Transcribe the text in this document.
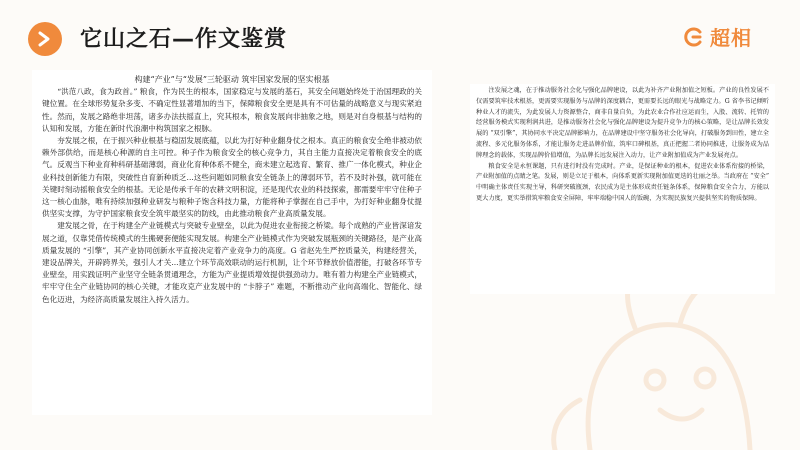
它山之石—作文鉴赏	超相
构建“产业”与“发展”三轮驱动 筑牢国家发展的坚实根基

“洪范八政，食为政首。” 粮食，作为民生的根本，国家稳定与发展的基石，其安全问题始终处于治国理政的关键位置。在全球形势复杂多变、不确定性显著增加的当下，保障粮食安全更是具有不可估量的战略意义与现实紧迫性。然而，发展之路绝非坦荡，诸多办法扶摇直上，究其根本，粮食发展向非抽象之地，则是对自身根基与结构的认知和发展，方能在新时代浪潮中构筑国家之根脉。

夯发展之根，在于振兴种业根基与稳固发展底蕴，以此为打好种业翻身仗之根本。真正的粮食安全绝非被动依赖外部供给，而是核心种源的自主可控。种子作为粮食安全的核心竞争力，其自主能力直接决定着粮食安全的底气。反观当下种业育种科研基础薄弱，商业化育种体系不健全，商未建立起选育、繁育、推广一体化模式，种业企业科技创新能力有限，突破性自育新种质乏...这些问题如同粮食安全链条上的薄弱环节，若不及时补强，就可能在关键时刻动摇粮食安全的根基。无论是传承千年的农耕文明积淀，还是现代农业的科技探索，都需要牢牢守住种子这一核心血脉，唯有持续加强种业研发与粮种子饱含科技力量，方能将种子掌握在自己手中，为打好种业翻身仗提供坚实支撑，为守护国家粮食安全筑牢最坚实的防线，由此推动粮食产业高质量发展。

建发展之骨，在于构建全产业链模式与突破专业壁垒，以此为促进农业衔接之桥梁。每个成熟的产业皆深谙发展之道，仅靠凭借传统模式的生搬硬套便能实现发展。构建全产业链模式作为突破发展瓶颈的关键路径，是产业高质量发展的 “引擎”，其产业协同创新水平直接决定着产业竞争力的高度。G 省赵先生严控质量关，构建经营关，建设品牌关，开辟跨界关，强引人才关...建立个环节高效联动的运行机制，让个环节释放价值潜能，打破各环节专业壁垒，用实践证明产业坚守全链条贯通理念，方能为产业提质增效提供强劲动力。唯有着力构建全产业链模式，牢牢守住全产业链协同的核心关键，才能攻克产业发展中的 “卡脖子” 难题，不断推动产业向高端化、智能化、绿色化迈进，为经济高质量发展注入持久活力。

注发展之魂，在于推动服务社会化与强化品牌建设，以此为补齐产业附加值之短板。产业的良性发展不仅需要筑牢技术根基，更需要实现服务与品牌的深度耦合，更需要长远的眼光与战略定力。G 省李书记倾听种业人才的流失，为此发展人力资源整合，商非自量自负，为此农业合作社应运而生，入股、流转、托管的经营服务模式实现利润共进，是推动服务社会化与强化品牌建设为提升竞争力的核心策略，是让品牌长效发展的 “双引擎”，其协同水平决定品牌影响力，在品牌建设中坚守服务社会化导向，打破服务到田性，建立全流程、多元化服务体系，才能让服务走进品牌价值，筑牢口碑根基，真正把握二者协同推进，让服务成为品牌理念的载体，实现品牌价值增值，为品牌长远发展注入动力，让产业附加值成为产业发展亮点。

粮食安全是永恒课题，只有进行时没有完成时。产业，是保证种业的根本，促进农业体系衔接的桥梁，产业附加值的点睛之笔。发展，则是立足于根本，向体系更新实现附加值更迭的壮丽之举。当政府在 “安全” 中明确主体责任实现主导，科研突破瓶颈，农民成为是主体形成责任链条体系，保障粮食安全合力，方能以更大力度，更实举措筑牢粮食安全屏障，牢牢端稳中国人的饭碗，为实现民族复兴提供坚实的物质保障。
